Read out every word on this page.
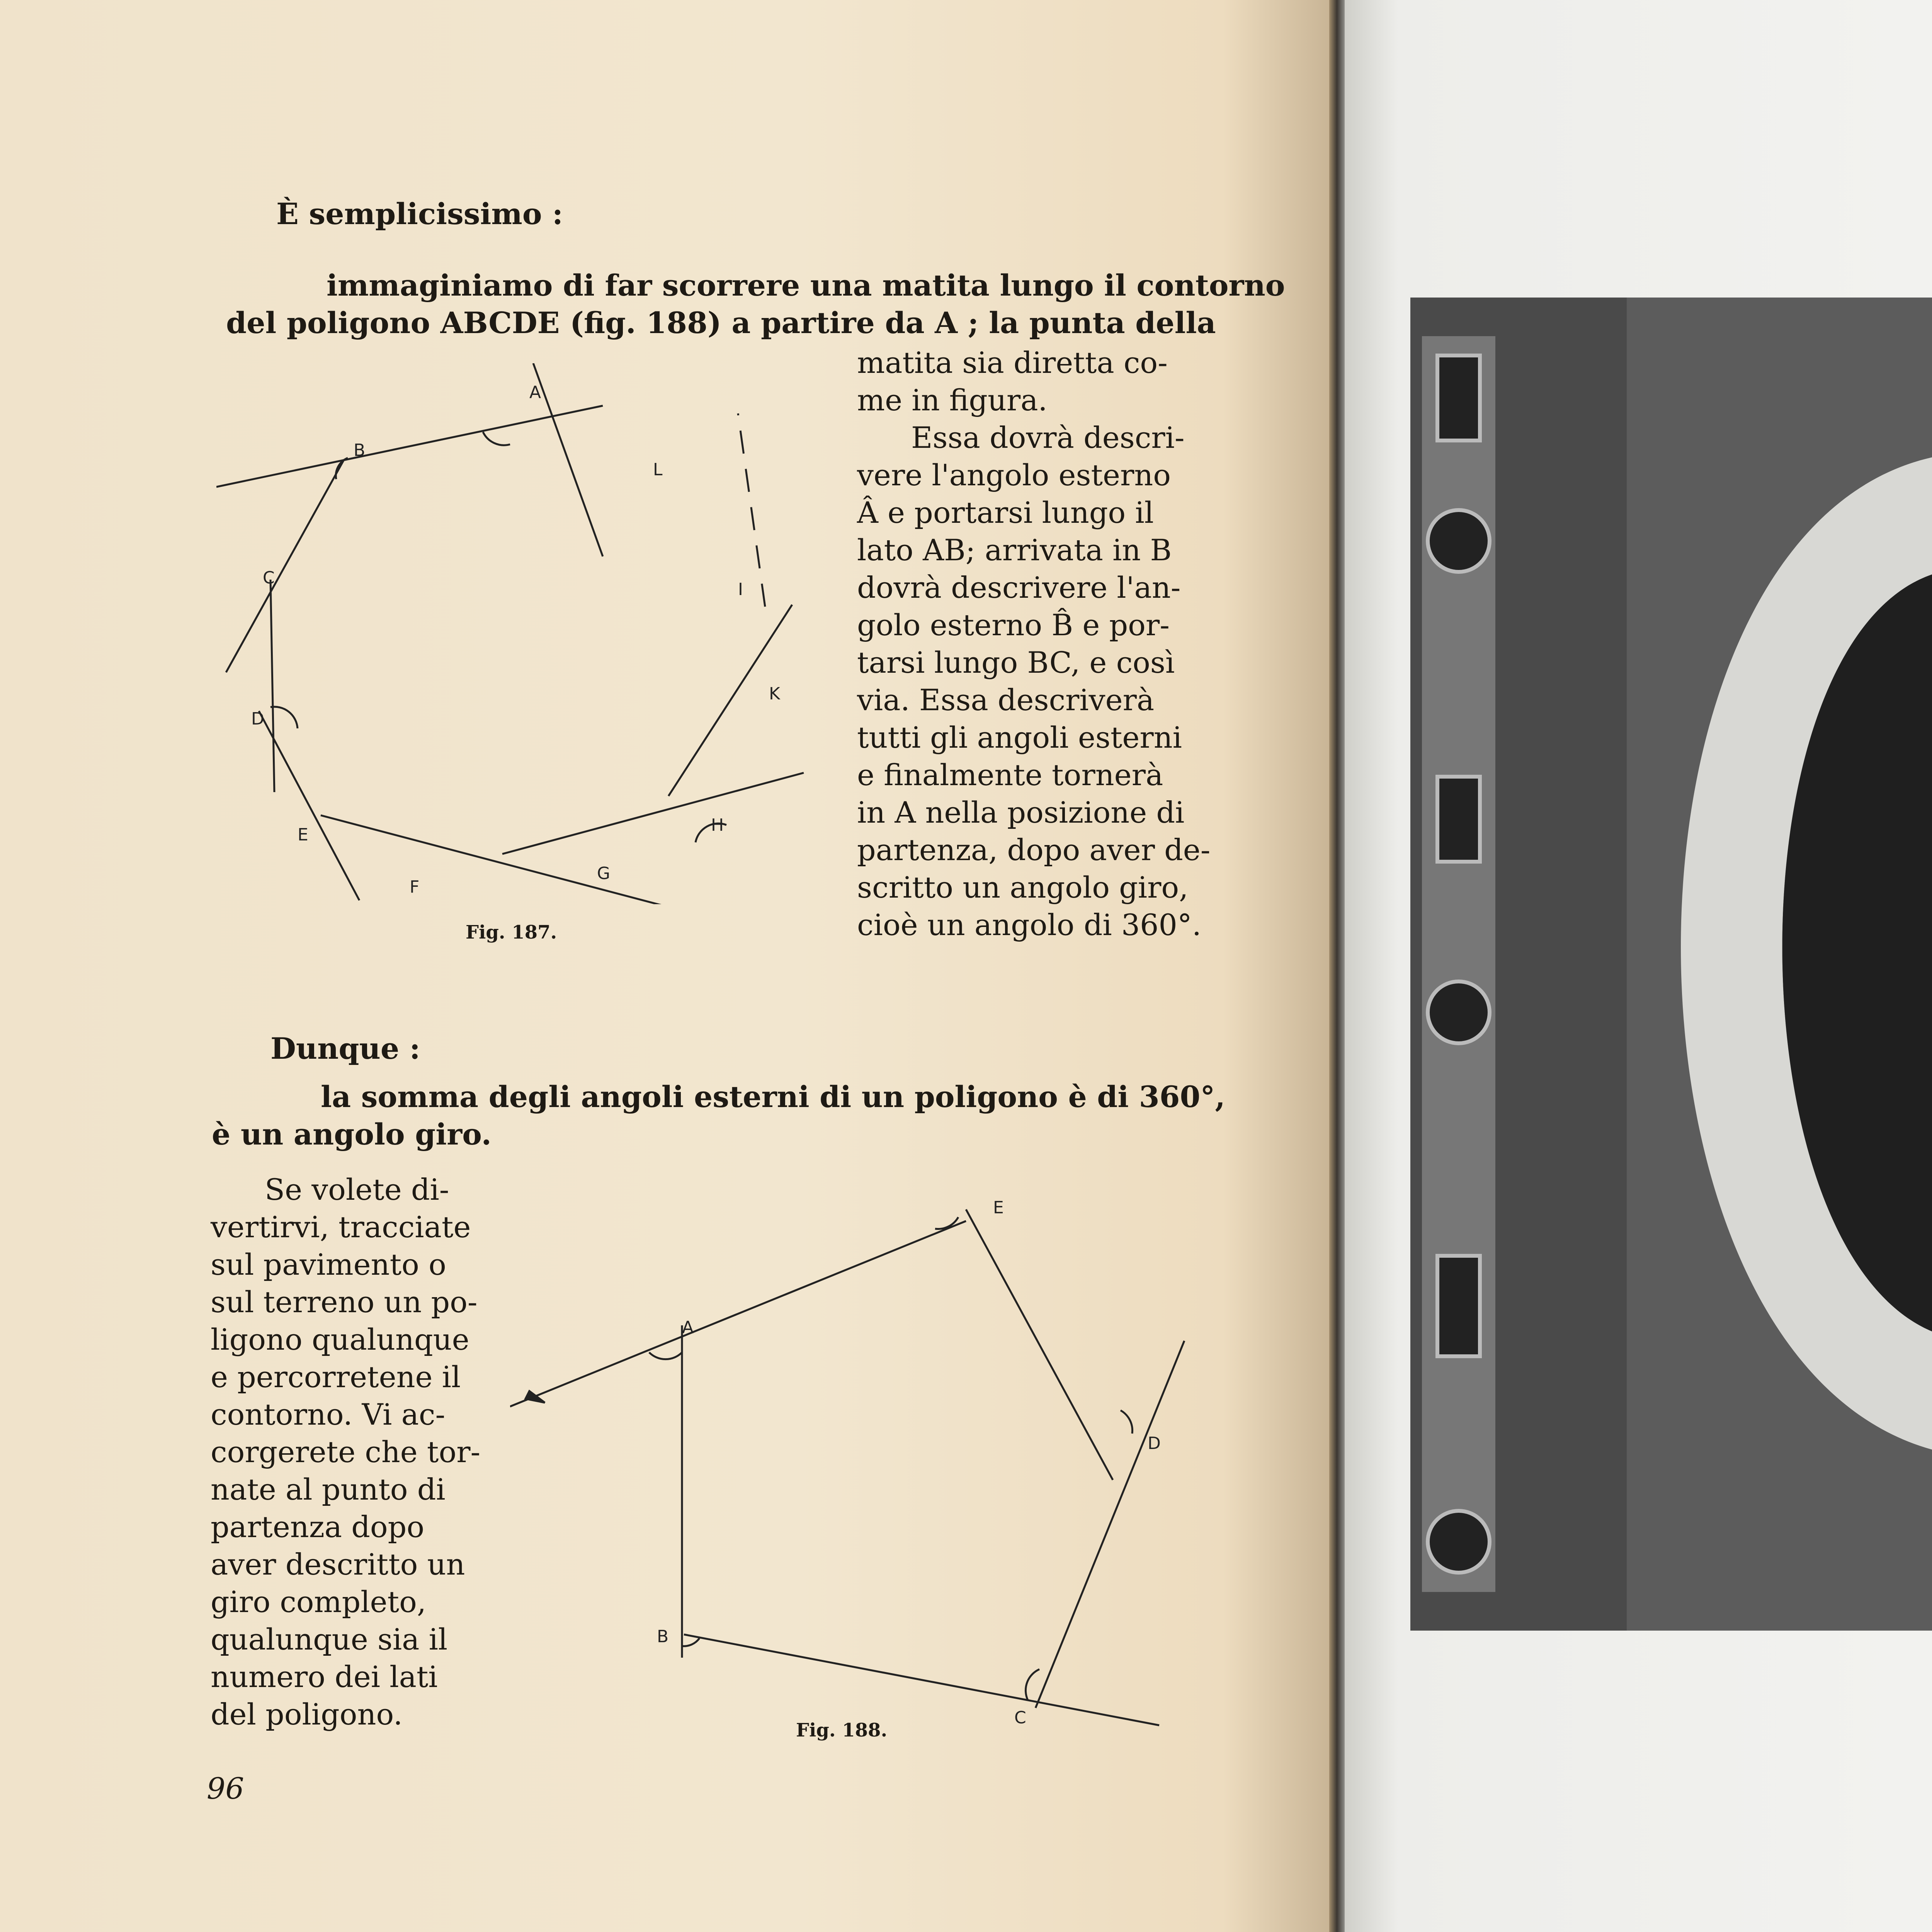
È semplicissimo :
immaginiamo di far scorrere una matita lungo il contorno
del poligono ABCDE (fig. 188) a partire da A ; la punta della
matita sia diretta co-
me in figura.
Essa dovrà descri-
vere l'angolo esterno
Â e portarsi lungo il
lato AB; arrivata in B
dovrà descrivere l'an-
golo esterno B̂ e por-
tarsi lungo BC, e così
via. Essa descriverà
tutti gli angoli esterni
e finalmente tornerà
in A nella posizione di
partenza, dopo aver de-
scritto un angolo giro,
cioè un angolo di 360°.
A
B
C
D
E
F
G
H
K
I
L
Fig. 187.
Dunque :
la somma degli angoli esterni di un poligono è di 360°,
è un angolo giro.
Se volete di-
vertirvi, tracciate
sul pavimento o
sul terreno un po-
ligono qualunque
e percorretene il
contorno. Vi ac-
corgerete che tor-
nate al punto di
partenza dopo
aver descritto un
giro completo,
qualunque sia il
numero dei lati
del poligono.
A
B
C
D
E
Fig. 188.
96
